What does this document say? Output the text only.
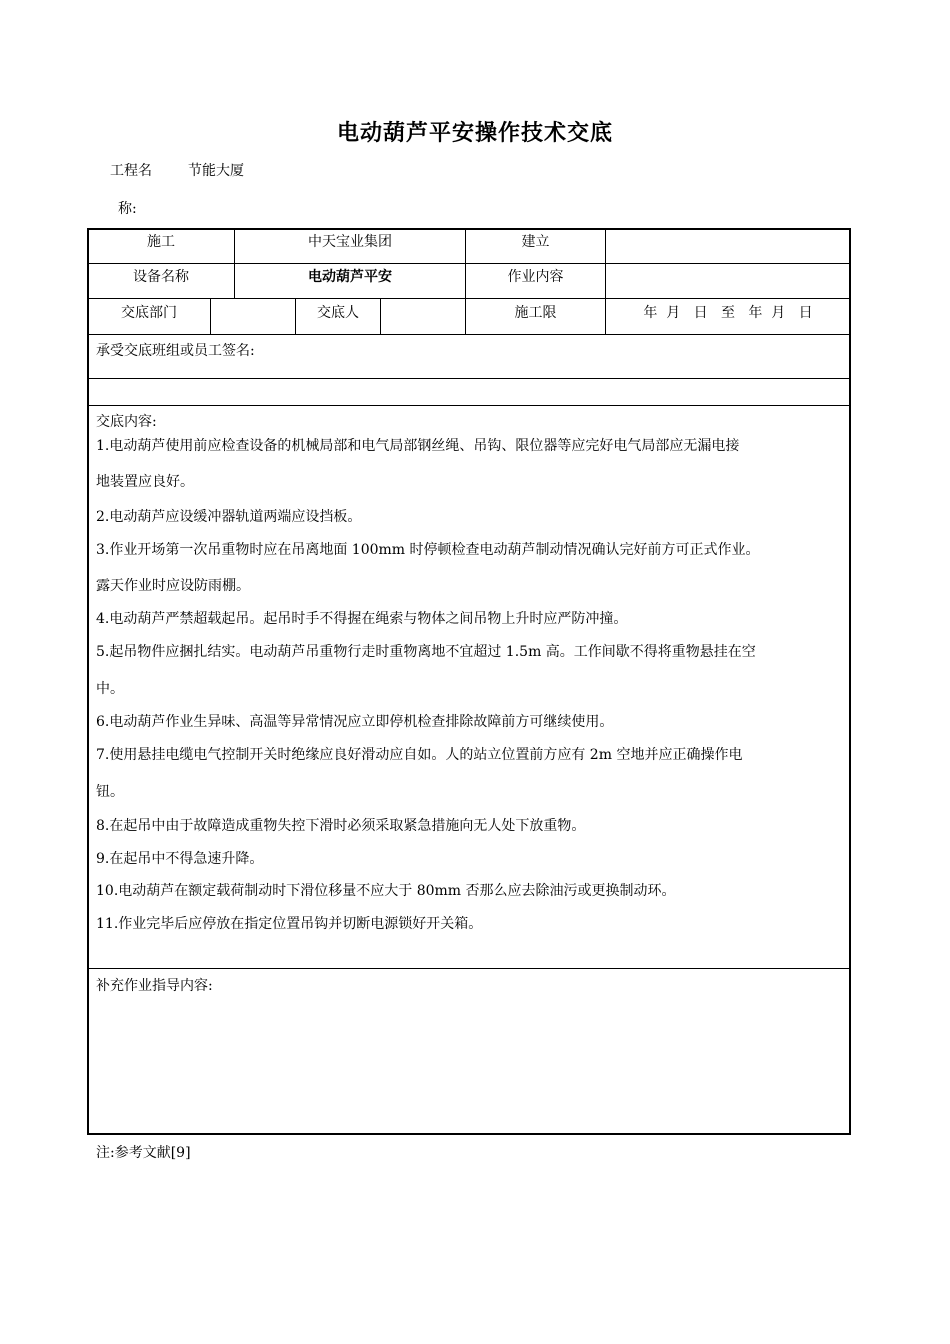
电动葫芦平安操作技术交底
工程名
称:
节能大厦
施工	中天宝业集团	建立
设备名称	电动葫芦平安	作业内容
交底部门	交底人	施工限	年  月   日   至   年  月   日
承受交底班组或员工签名:
交底内容:
1.电动葫芦使用前应检查设备的机械局部和电气局部钢丝绳、吊钩、限位器等应完好电气局部应无漏电接
地装置应良好。
2.电动葫芦应设缓冲器轨道两端应设挡板。
3.作业开场第一次吊重物时应在吊离地面 100mm 时停顿检查电动葫芦制动情况确认完好前方可正式作业。
露天作业时应设防雨棚。
4.电动葫芦严禁超载起吊。起吊时手不得握在绳索与物体之间吊物上升时应严防冲撞。
5.起吊物件应捆扎结实。电动葫芦吊重物行走时重物离地不宜超过 1.5m 高。工作间歇不得将重物悬挂在空
中。
6.电动葫芦作业生异味、高温等异常情况应立即停机检查排除故障前方可继续使用。
7.使用悬挂电缆电气控制开关时绝缘应良好滑动应自如。人的站立位置前方应有 2m 空地并应正确操作电
钮。
8.在起吊中由于故障造成重物失控下滑时必须采取紧急措施向无人处下放重物。
9.在起吊中不得急速升降。
10.电动葫芦在额定载荷制动时下滑位移量不应大于 80mm 否那么应去除油污或更换制动环。
11.作业完毕后应停放在指定位置吊钩并切断电源锁好开关箱。
补充作业指导内容:
注:参考文献[9]
